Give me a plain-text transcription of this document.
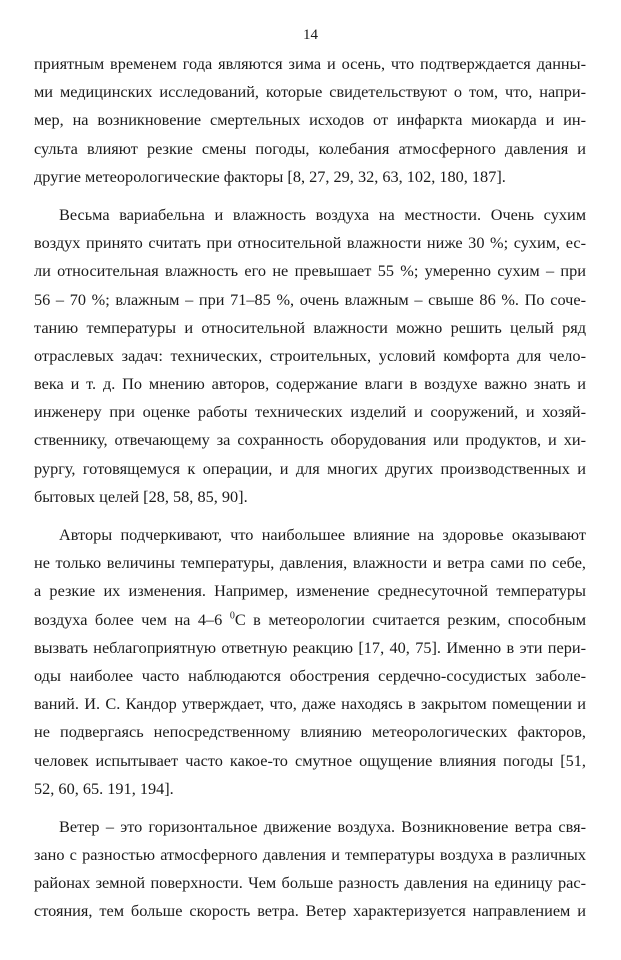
14
приятным временем года являются зима и осень, что подтверждается данны-
ми медицинских исследований, которые свидетельствуют о том, что, напри-
мер, на возникновение смертельных исходов от инфаркта миокарда и ин-
сульта влияют резкие смены погоды, колебания атмосферного давления и
другие метеорологические факторы [8, 27, 29, 32, 63, 102, 180, 187].
Весьма вариабельна и влажность воздуха на местности. Очень сухим
воздух принято считать при относительной влажности ниже 30 %; сухим, ес-
ли относительная влажность его не превышает 55 %; умеренно сухим – при
56 – 70 %; влажным – при 71–85 %, очень влажным – свыше 86 %. По соче-
танию температуры и относительной влажности можно решить целый ряд
отраслевых задач: технических, строительных, условий комфорта для чело-
века и т. д. По мнению авторов, содержание влаги в воздухе важно знать и
инженеру при оценке работы технических изделий и сооружений, и хозяй-
ственнику, отвечающему за сохранность оборудования или продуктов, и хи-
рургу, готовящемуся к операции, и для многих других производственных и
бытовых целей [28, 58, 85, 90].
Авторы подчеркивают, что наибольшее влияние на здоровье оказывают
не только величины температуры, давления, влажности и ветра сами по себе,
а резкие их изменения. Например, изменение среднесуточной температуры
воздуха более чем на 4–6 $^0$C в метеорологии считается резким, способным
вызвать неблагоприятную ответную реакцию [17, 40, 75]. Именно в эти пери-
оды наиболее часто наблюдаются обострения сердечно-сосудистых заболе-
ваний. И. С. Кандор утверждает, что, даже находясь в закрытом помещении и
не подвергаясь непосредственному влиянию метеорологических факторов,
человек испытывает часто какое-то смутное ощущение влияния погоды [51,
52, 60, 65. 191, 194].
Ветер – это горизонтальное движение воздуха. Возникновение ветра свя-
зано с разностью атмосферного давления и температуры воздуха в различных
районах земной поверхности. Чем больше разность давления на единицу рас-
стояния, тем больше скорость ветра. Ветер характеризуется направлением и
